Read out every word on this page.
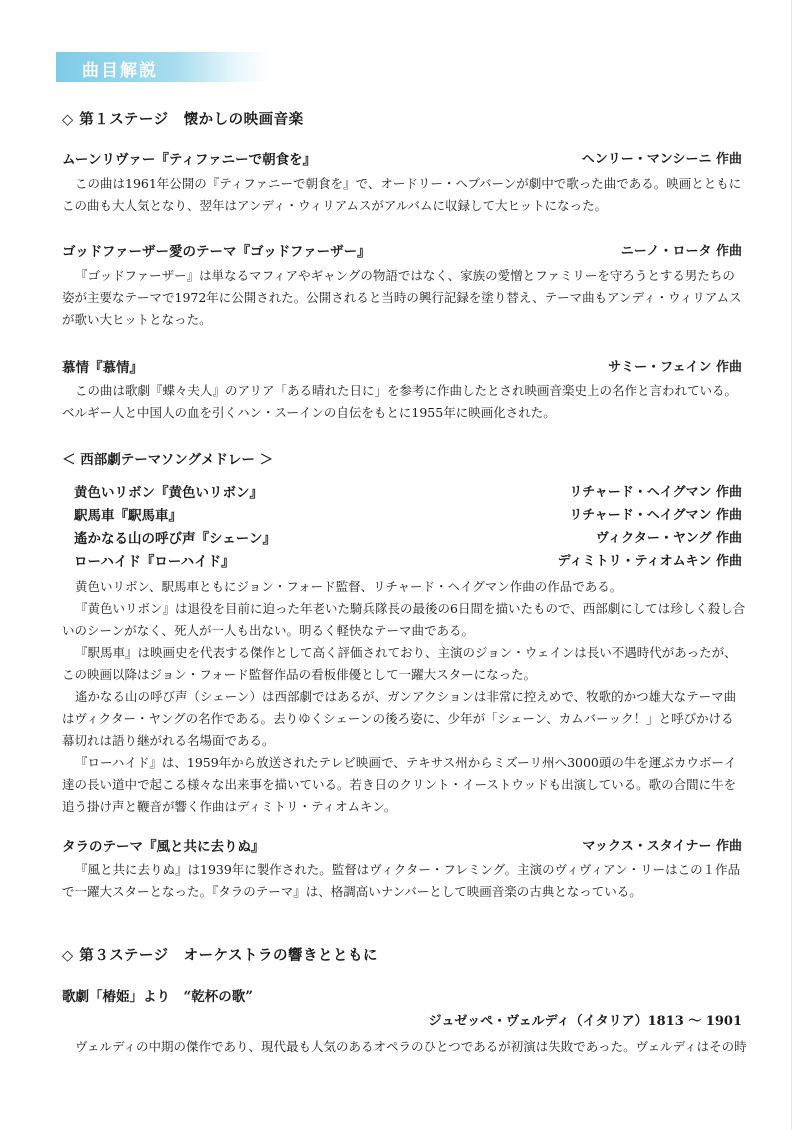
曲目解説
◇ 第１ステージ　懐かしの映画音楽
ムーンリヴァー『ティファニーで朝食を』	ヘンリー・マンシーニ 作曲

この曲は1961年公開の『ティファニーで朝食を』で、オードリー・ヘプバーンが劇中で歌った曲である。映画とともにこの曲も大人気となり、翌年はアンディ・ウィリアムスがアルバムに収録して大ヒットになった。

ゴッドファーザー愛のテーマ『ゴッドファーザー』	ニーノ・ロータ 作曲

『ゴッドファーザー』は単なるマフィアやギャングの物語ではなく、家族の愛憎とファミリーを守ろうとする男たちの姿が主要なテーマで1972年に公開された。公開されると当時の興行記録を塗り替え、テーマ曲もアンディ・ウィリアムスが歌い大ヒットとなった。

慕情『慕情』	サミー・フェイン 作曲

この曲は歌劇『蝶々夫人』のアリア「ある晴れた日に」を参考に作曲したとされ映画音楽史上の名作と言われている。ベルギー人と中国人の血を引くハン・スーインの自伝をもとに1955年に映画化された。

＜ 西部劇テーマソングメドレー ＞
黄色いリボン『黄色いリボン』	リチャード・ヘイグマン 作曲
駅馬車『駅馬車』	リチャード・ヘイグマン 作曲
遙かなる山の呼び声『シェーン』	ヴィクター・ヤング 作曲
ローハイド『ローハイド』	ディミトリ・ティオムキン 作曲

黄色いリボン、駅馬車ともにジョン・フォード監督、リチャード・ヘイグマン作曲の作品である。

『黄色いリボン』は退役を目前に迫った年老いた騎兵隊長の最後の6日間を描いたもので、西部劇にしては珍しく殺し合いのシーンがなく、死人が一人も出ない。明るく軽快なテーマ曲である。

『駅馬車』は映画史を代表する傑作として高く評価されており、主演のジョン・ウェインは長い不遇時代があったが、この映画以降はジョン・フォード監督作品の看板俳優として一躍大スターになった。

遙かなる山の呼び声（シェーン）は西部劇ではあるが、ガンアクションは非常に控えめで、牧歌的かつ雄大なテーマ曲はヴィクター・ヤングの名作である。去りゆくシェーンの後ろ姿に、少年が「シェーン、カムバーック！」と呼びかける幕切れは語り継がれる名場面である。

『ローハイド』は、1959年から放送されたテレビ映画で、テキサス州からミズーリ州へ3000頭の牛を運ぶカウボーイ達の長い道中で起こる様々な出来事を描いている。若き日のクリント・イーストウッドも出演している。歌の合間に牛を追う掛け声と鞭音が響く作曲はディミトリ・ティオムキン。

タラのテーマ『風と共に去りぬ』	マックス・スタイナー 作曲

『風と共に去りぬ』は1939年に製作された。監督はヴィクター・フレミング。主演のヴィヴィアン・リーはこの１作品で一躍大スターとなった。『タラのテーマ』は、格調高いナンバーとして映画音楽の古典となっている。

◇ 第３ステージ　オーケストラの響きとともに
歌劇「椿姫」より　“乾杯の歌”
ジュゼッペ・ヴェルディ（イタリア）1813 ～ 1901

ヴェルディの中期の傑作であり、現代最も人気のあるオペラのひとつであるが初演は失敗であった。ヴェルディはその時
